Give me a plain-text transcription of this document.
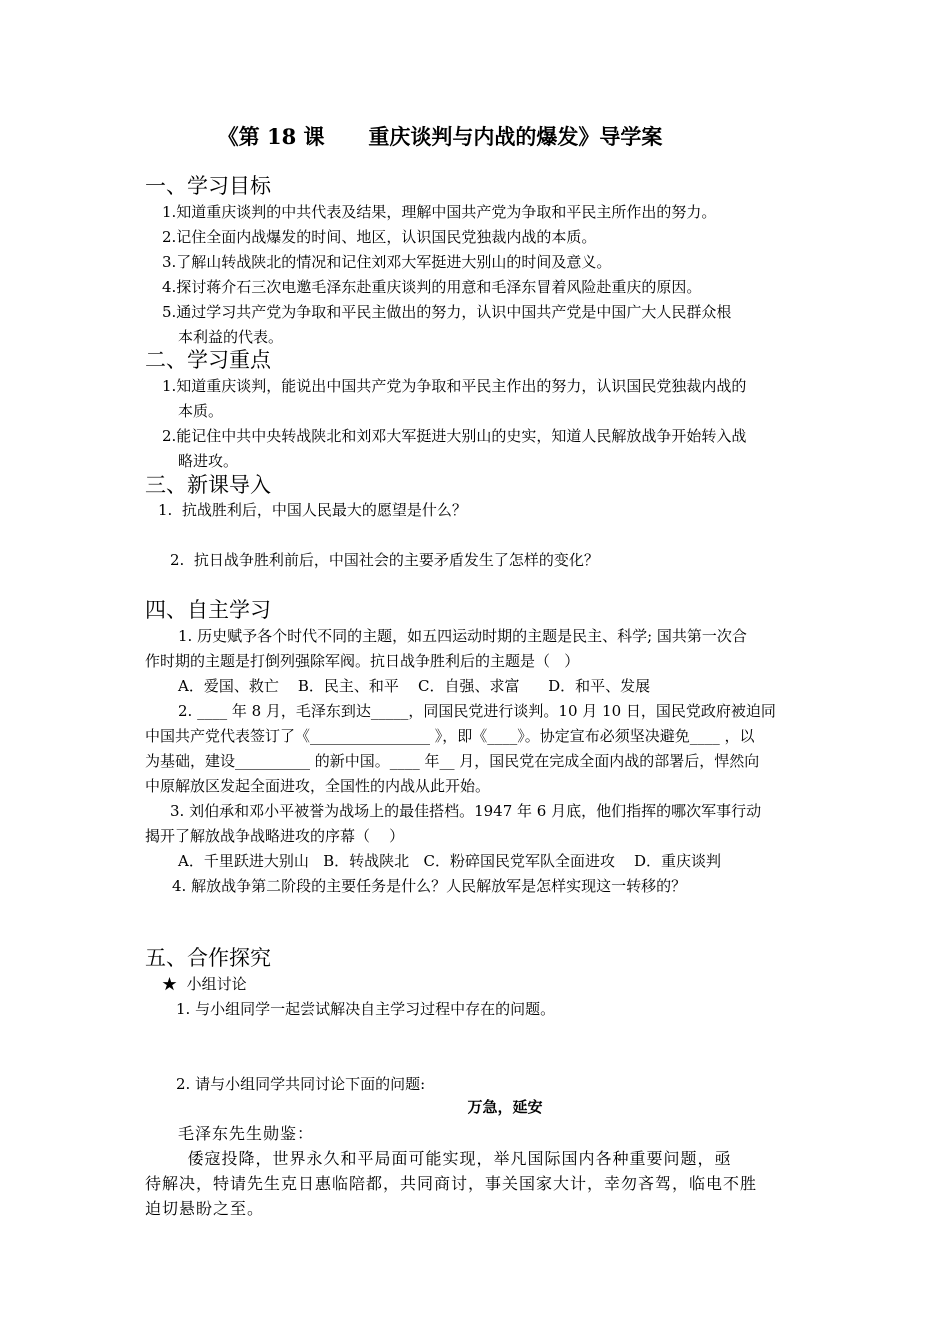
《第 18 课      重庆谈判与内战的爆发》导学案
一、学习目标
1.知道重庆谈判的中共代表及结果，理解中国共产党为争取和平民主所作出的努力。
2.记住全面内战爆发的时间、地区，认识国民党独裁内战的本质。
3.了解山转战陕北的情况和记住刘邓大军挺进大别山的时间及意义。
4.探讨蒋介石三次电邀毛泽东赴重庆谈判的用意和毛泽东冒着风险赴重庆的原因。
5.通过学习共产党为争取和平民主做出的努力，认识中国共产党是中国广大人民群众根
本利益的代表。
二、学习重点
1.知道重庆谈判，能说出中国共产党为争取和平民主作出的努力，认识国民党独裁内战的
本质。
2.能记住中共中央转战陕北和刘邓大军挺进大别山的史实，知道人民解放战争开始转入战
略进攻。
三、新课导入
1.  抗战胜利后，中国人民最大的愿望是什么？
2.  抗日战争胜利前后，中国社会的主要矛盾发生了怎样的变化？
四、自主学习
1. 历史赋予各个时代不同的主题，如五四运动时期的主题是民主、科学; 国共第一次合
作时期的主题是打倒列强除军阀。抗日战争胜利后的主题是（   ）
A．爱国、救亡    B．民主、和平    C．自强、求富      D．和平、发展
2. ____ 年 8 月，毛泽东到达_____，同国民党进行谈判。10 月 10 日，国民党政府被迫同
中国共产党代表签订了《________________ 》，即《____》。协定宣布必须坚决避免____ ，以
为基础，建设__________ 的新中国。____ 年__ 月，国民党在完成全面内战的部署后，悍然向
中原解放区发起全面进攻，全国性的内战从此开始。
3. 刘伯承和邓小平被誉为战场上的最佳搭档。1947 年 6 月底，他们指挥的哪次军事行动
揭开了解放战争战略进攻的序幕（    ）
A．千里跃进大别山   B．转战陕北   C．粉碎国民党军队全面进攻    D．重庆谈判
4. 解放战争第二阶段的主要任务是什么？人民解放军是怎样实现这一转移的？
五、合作探究
★ 小组讨论
1. 与小组同学一起尝试解决自主学习过程中存在的问题。
2. 请与小组同学共同讨论下面的问题:
万急，延安
毛泽东先生勋鉴：
倭寇投降，世界永久和平局面可能实现，举凡国际国内各种重要问题，亟
待解决，特请先生克日惠临陪都，共同商讨，事关国家大计，幸勿吝驾，临电不胜
迫切悬盼之至。
